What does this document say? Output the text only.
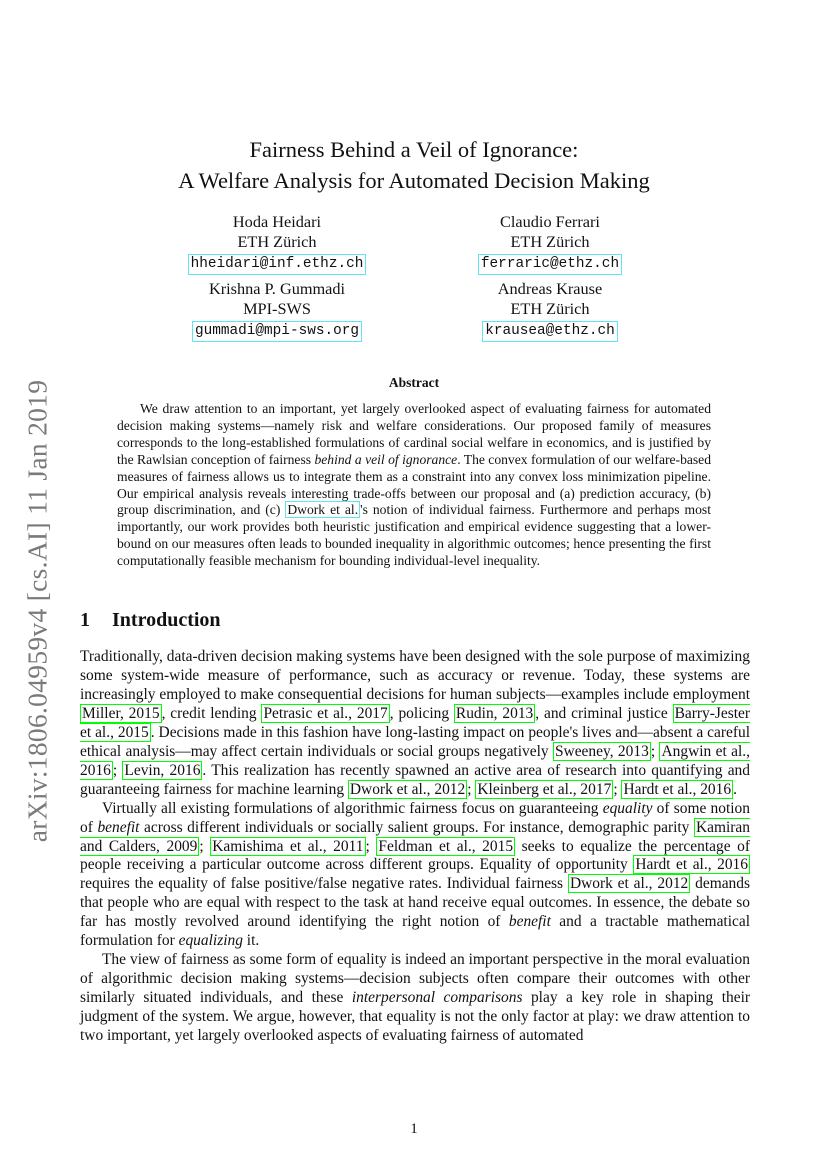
arXiv:1806.04959v4 [cs.AI] 11 Jan 2019
Fairness Behind a Veil of Ignorance:
A Welfare Analysis for Automated Decision Making
Hoda Heidari
ETH Zürich
hheidari@inf.ethz.ch
Claudio Ferrari
ETH Zürich
ferraric@ethz.ch
Krishna P. Gummadi
MPI-SWS
gummadi@mpi-sws.org
Andreas Krause
ETH Zürich
krausea@ethz.ch
Abstract

We draw attention to an important, yet largely overlooked aspect of evaluating fairness for automated decision making systems—namely risk and welfare considerations. Our proposed family of measures corresponds to the long-established formulations of cardinal social welfare in economics, and is justified by the Rawlsian conception of fairness behind a veil of ignorance. The convex formulation of our welfare-based measures of fairness allows us to integrate them as a constraint into any convex loss minimization pipeline. Our empirical analysis reveals interesting trade-offs between our proposal and (a) prediction accuracy, (b) group discrimination, and (c) Dwork et al. 's notion of individual fairness. Furthermore and perhaps most importantly, our work provides both heuristic justification and empirical evidence suggesting that a lower-bound on our measures often leads to bounded inequality in algorithmic outcomes; hence presenting the first computationally feasible mechanism for bounding individual-level inequality.

1 Introduction

Traditionally, data-driven decision making systems have been designed with the sole purpose of maximizing some system-wide measure of performance, such as accuracy or revenue. Today, these systems are increasingly employed to make consequential decisions for human subjects—examples include employment Miller, 2015 , credit lending Petrasic et al., 2017 , policing Rudin, 2013 , and criminal justice Barry-Jester et al., 2015 . Decisions made in this fashion have long-lasting impact on people's lives and—absent a careful ethical analysis—may affect certain individuals or social groups negatively Sweeney, 2013 ; Angwin et al., 2016 ; Levin, 2016 . This realization has recently spawned an active area of research into quantifying and guaranteeing fairness for machine learning Dwork et al., 2012 ; Kleinberg et al., 2017 ; Hardt et al., 2016 .

Virtually all existing formulations of algorithmic fairness focus on guaranteeing equality of some notion of benefit across different individuals or socially salient groups. For instance, demographic parity Kamiran and Calders, 2009 ; Kamishima et al., 2011 ; Feldman et al., 2015 seeks to equalize the percentage of people receiving a particular outcome across different groups. Equality of opportunity Hardt et al., 2016 requires the equality of false positive/false negative rates. Individual fairness Dwork et al., 2012 demands that people who are equal with respect to the task at hand receive equal outcomes. In essence, the debate so far has mostly revolved around identifying the right notion of benefit and a tractable mathematical formulation for equalizing it.

The view of fairness as some form of equality is indeed an important perspective in the moral evaluation of algorithmic decision making systems—decision subjects often compare their outcomes with other similarly situated individuals, and these interpersonal comparisons play a key role in shaping their judgment of the system. We argue, however, that equality is not the only factor at play: we draw attention to two important, yet largely overlooked aspects of evaluating fairness of automated

1
